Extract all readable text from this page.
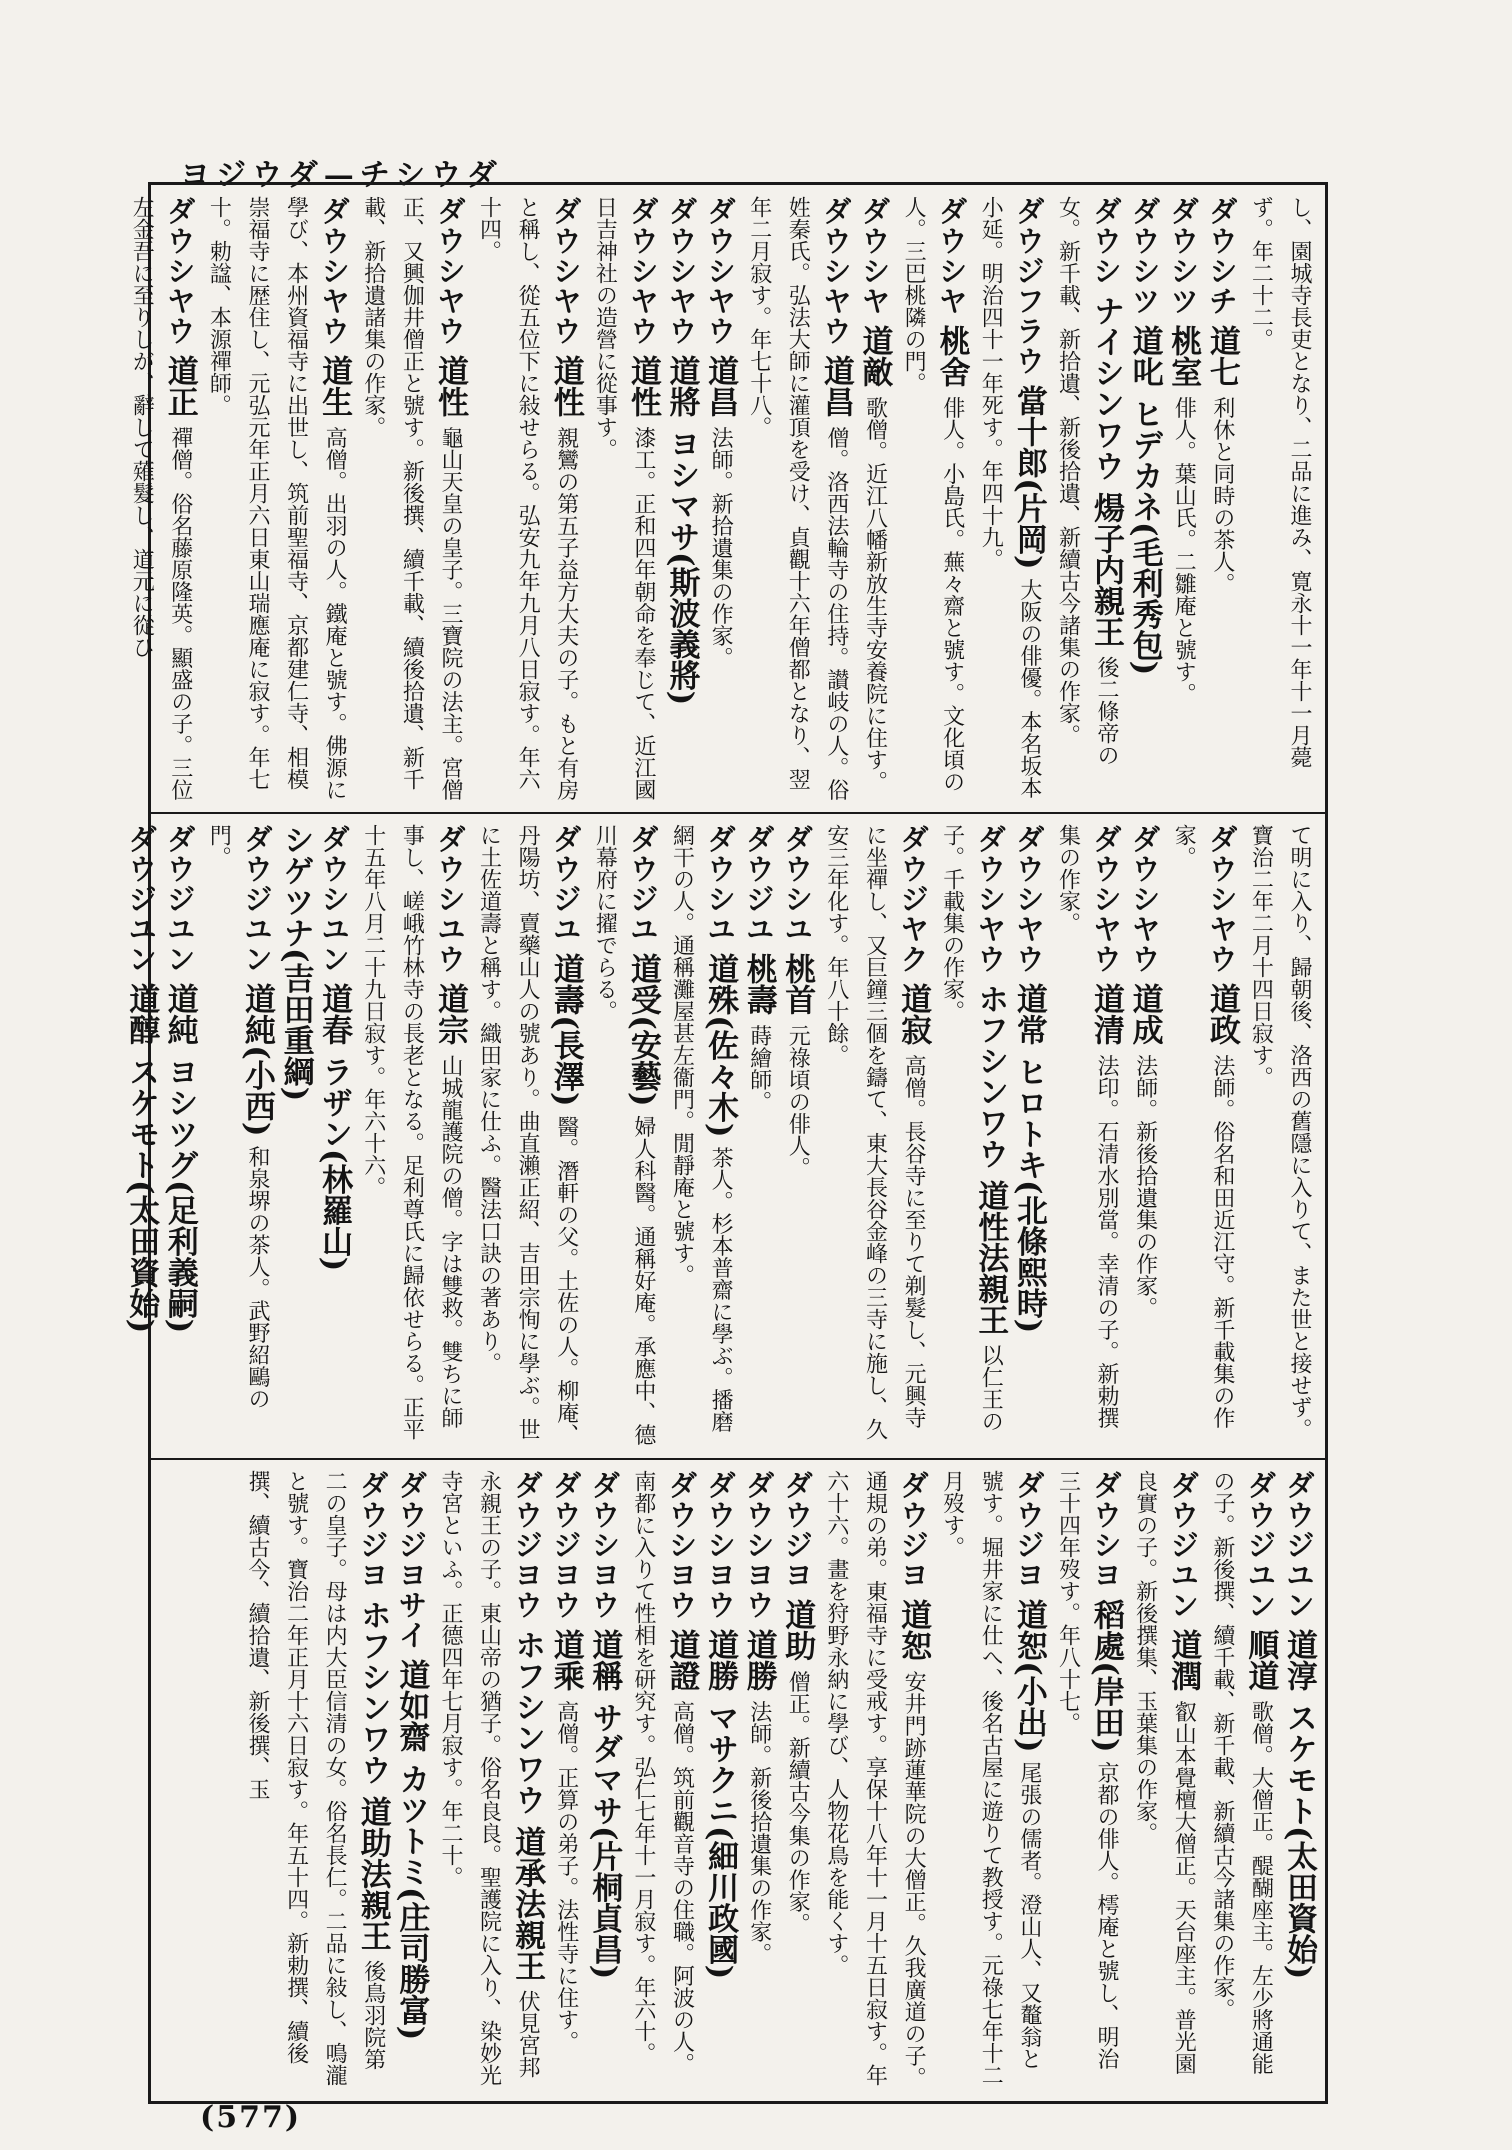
ダウシチ—ダウジヨ
し、園城寺長吏となり、二品に進み、寛永十一年十一月薨ず。年二十二。
ダウシチ 道七 利休と同時の茶人。
ダウシツ 桃室 俳人。葉山氏。二雛庵と號す。
ダウシツ 道叱 ヒデカネ(毛利秀包)
ダウシ ナイシンワウ 煬子内親王 後二條帝の女。新千載、新拾遺、新後拾遺、新續古今諸集の作家。
ダウジフラウ 當十郎(片岡) 大阪の俳優。本名坂本小延。明治四十一年死す。年四十九。
ダウシヤ 桃舍 俳人。小島氏。蕪々齋と號す。文化頃の人。三巴桃隣の門。
ダウシヤ 道敵 歌僧。近江八幡新放生寺安養院に住す。
ダウシヤウ 道昌 僧。洛西法輪寺の住持。讃岐の人。俗姓秦氏。弘法大師に灌頂を受け、貞觀十六年僧都となり、翌年二月寂す。年七十八。
ダウシヤウ 道昌 法師。新拾遺集の作家。
ダウシヤウ 道將 ヨシマサ(斯波義將)
ダウシヤウ 道性 漆工。正和四年朝命を奉じて、近江國日吉神社の造營に從事す。
ダウシヤウ 道性 親鸞の第五子益方大夫の子。もと有房と稱し、從五位下に敍せらる。弘安九年九月八日寂す。年六十四。
ダウシヤウ 道性 龜山天皇の皇子。三寶院の法主。宮僧正、又興伽井僧正と號す。新後撰、續千載、續後拾遺、新千載、新拾遺諸集の作家。
ダウシヤウ 道生 高僧。出羽の人。鐵庵と號す。佛源に學び、本州資福寺に出世し、筑前聖福寺、京都建仁寺、相模崇福寺に歴住し、元弘元年正月六日東山瑞應庵に寂す。年七十。勅諡、本源禪師。
ダウシヤウ 道正 禪僧。俗名藤原隆英。顯盛の子。三位左金吾に至りしが、辭して薙髮し、道元に從ひ
て明に入り、歸朝後、洛西の舊隱に入りて、また世と接せず。寶治二年二月十四日寂す。
ダウシヤウ 道政 法師。俗名和田近江守。新千載集の作家。
ダウシヤウ 道成 法師。新後拾遺集の作家。
ダウシヤウ 道清 法印。石清水別當。幸清の子。新勅撰集の作家。
ダウシヤウ 道常 ヒロトキ(北條熙時)
ダウシヤウ ホフシンワウ 道性法親王 以仁王の子。千載集の作家。
ダウジヤク 道寂 高僧。長谷寺に至りて剃髮し、元興寺に坐禪し、又巨鐘三個を鑄て、東大長谷金峰の三寺に施し、久安三年化す。年八十餘。
ダウシユ 桃首 元祿頃の俳人。
ダウジユ 桃壽 蒔繪師。
ダウシユ 道殊(佐々木) 茶人。杉本普齋に學ぶ。播磨網干の人。通稱灘屋甚左衞門。閒靜庵と號す。
ダウジユ 道受(安藝) 婦人科醫。通稱好庵。承應中、德川幕府に擢でらる。
ダウジユ 道壽(長澤) 醫。潛軒の父。土佐の人。柳庵、丹陽坊、賣藥山人の號あり。曲直瀨正紹、吉田宗恂に學ぶ。世に土佐道壽と稱す。織田家に仕ふ。醫法口訣の著あり。
ダウシユウ 道宗 山城龍護院の僧。字は雙救。雙ちに師事し、嵯峨竹林寺の長老となる。足利尊氏に歸依せらる。正平十五年八月二十九日寂す。年六十六。
ダウシユン 道春 ラザン(林羅山)
シゲツナ(吉田重綱)
ダウジユン 道純(小西) 和泉堺の茶人。武野紹鷗の門。
ダウジユン 道純 ヨシツグ(足利義嗣)
ダウジユン 道醇 スケモト(太田資始)
ダウジユン 道淳 スケモト(太田資始)
ダウジユン 順道 歌僧。大僧正。醍醐座主。左少將通能の子。新後撰、續千載、新千載、新續古今諸集の作家。
ダウジユン 道潤 叡山本覺檀大僧正。天台座主。普光園良實の子。新後撰集、玉葉集の作家。
ダウシヨ 稻處(岸田) 京都の俳人。樗庵と號し、明治三十四年歿す。年八十七。
ダウジヨ 道恕(小出) 尾張の儒者。澄山人、又鼇翁と號す。堀井家に仕へ、後名古屋に遊りて教授す。元祿七年十二月歿す。
ダウジヨ 道恕 安井門跡蓮華院の大僧正。久我廣道の子。通規の弟。東福寺に受戒す。享保十八年十一月十五日寂す。年六十六。畫を狩野永納に學び、人物花鳥を能くす。
ダウジヨ 道助 僧正。新續古今集の作家。
ダウシヨウ 道勝 法師。新後拾遺集の作家。
ダウシヨウ 道勝 マサクニ(細川政國)
ダウシヨウ 道證 高僧。筑前觀音寺の住職。阿波の人。南都に入りて性相を研究す。弘仁七年十一月寂す。年六十。
ダウシヨウ 道稱 サダマサ(片桐貞昌)
ダウジヨウ 道乘 高僧。正算の弟子。法性寺に住す。
ダウジヨウ ホフシンワウ 道承法親王 伏見宮邦永親王の子。東山帝の猶子。俗名良良。聖護院に入り、染妙光寺宮といふ。正德四年七月寂す。年二十。
ダウジヨサイ 道如齋 カツトミ(庄司勝富)
ダウジヨ ホフシンワウ 道助法親王 後鳥羽院第二の皇子。母は内大臣信清の女。俗名長仁。二品に敍し、鳴瀧と號す。寶治二年正月十六日寂す。年五十四。新勅撰、續後撰、續古今、續拾遺、新後撰、玉
(577)
